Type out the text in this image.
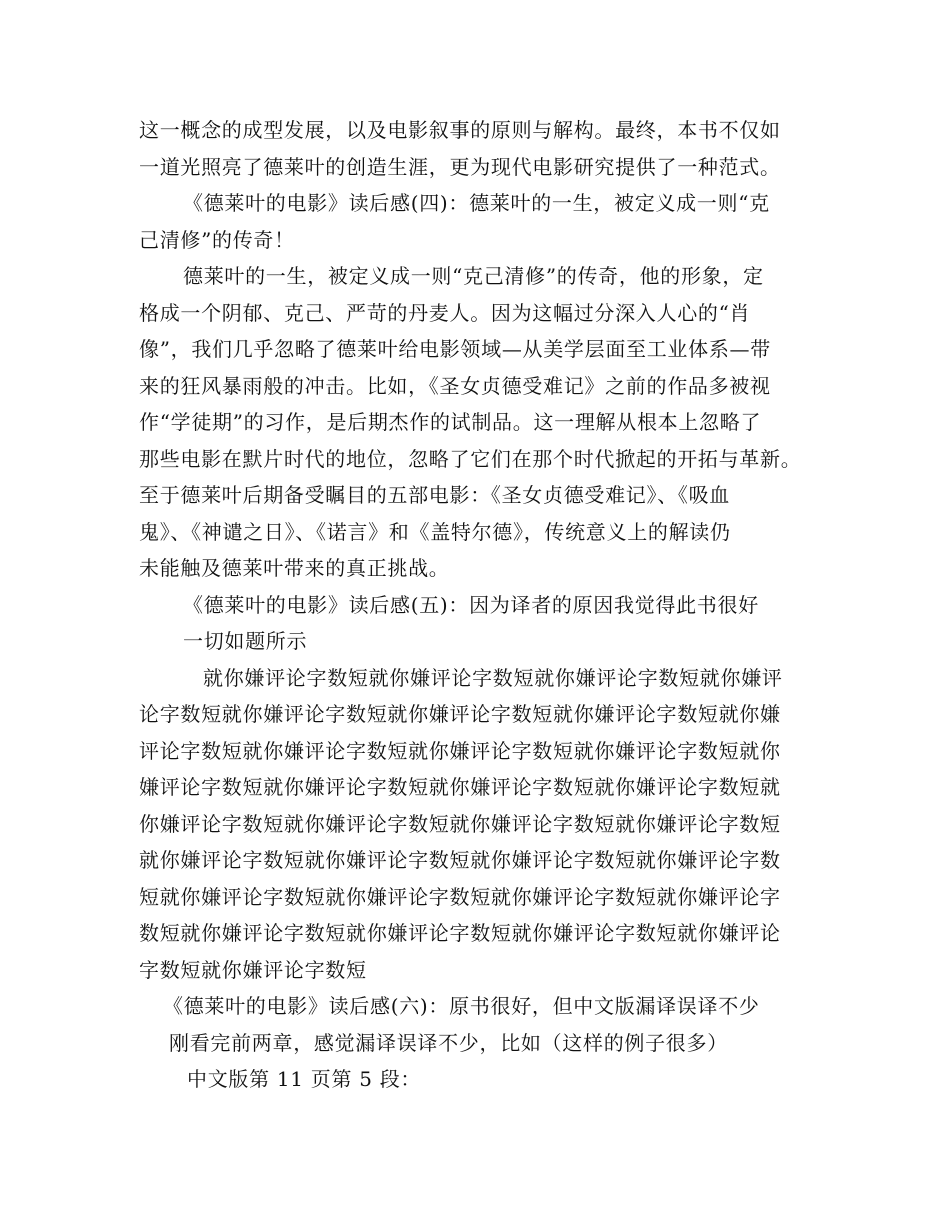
这一概念的成型发展，以及电影叙事的原则与解构。最终，本书不仅如
一道光照亮了德莱叶的创造生涯，更为现代电影研究提供了一种范式。
《德莱叶的电影》读后感(四)：德莱叶的一生，被定义成一则“克
己清修”的传奇！
德莱叶的一生，被定义成一则“克己清修”的传奇，他的形象，定
格成一个阴郁、克己、严苛的丹麦人。因为这幅过分深入人心的“肖
像”，我们几乎忽略了德莱叶给电影领域—从美学层面至工业体系—带
来的狂风暴雨般的冲击。比如，《圣女贞德受难记》之前的作品多被视
作“学徒期”的习作，是后期杰作的试制品。这一理解从根本上忽略了
那些电影在默片时代的地位，忽略了它们在那个时代掀起的开拓与革新。
至于德莱叶后期备受瞩目的五部电影：《圣女贞德受难记》、《吸血
鬼》、《神谴之日》、《诺言》和《盖特尔德》，传统意义上的解读仍
未能触及德莱叶带来的真正挑战。
《德莱叶的电影》读后感(五)：因为译者的原因我觉得此书很好
一切如题所示
就你嫌评论字数短就你嫌评论字数短就你嫌评论字数短就你嫌评
论字数短就你嫌评论字数短就你嫌评论字数短就你嫌评论字数短就你嫌
评论字数短就你嫌评论字数短就你嫌评论字数短就你嫌评论字数短就你
嫌评论字数短就你嫌评论字数短就你嫌评论字数短就你嫌评论字数短就
你嫌评论字数短就你嫌评论字数短就你嫌评论字数短就你嫌评论字数短
就你嫌评论字数短就你嫌评论字数短就你嫌评论字数短就你嫌评论字数
短就你嫌评论字数短就你嫌评论字数短就你嫌评论字数短就你嫌评论字
数短就你嫌评论字数短就你嫌评论字数短就你嫌评论字数短就你嫌评论
字数短就你嫌评论字数短
《德莱叶的电影》读后感(六)：原书很好，但中文版漏译误译不少
刚看完前两章，感觉漏译误译不少，比如（这样的例子很多）
中文版第 11 页第 5 段：
